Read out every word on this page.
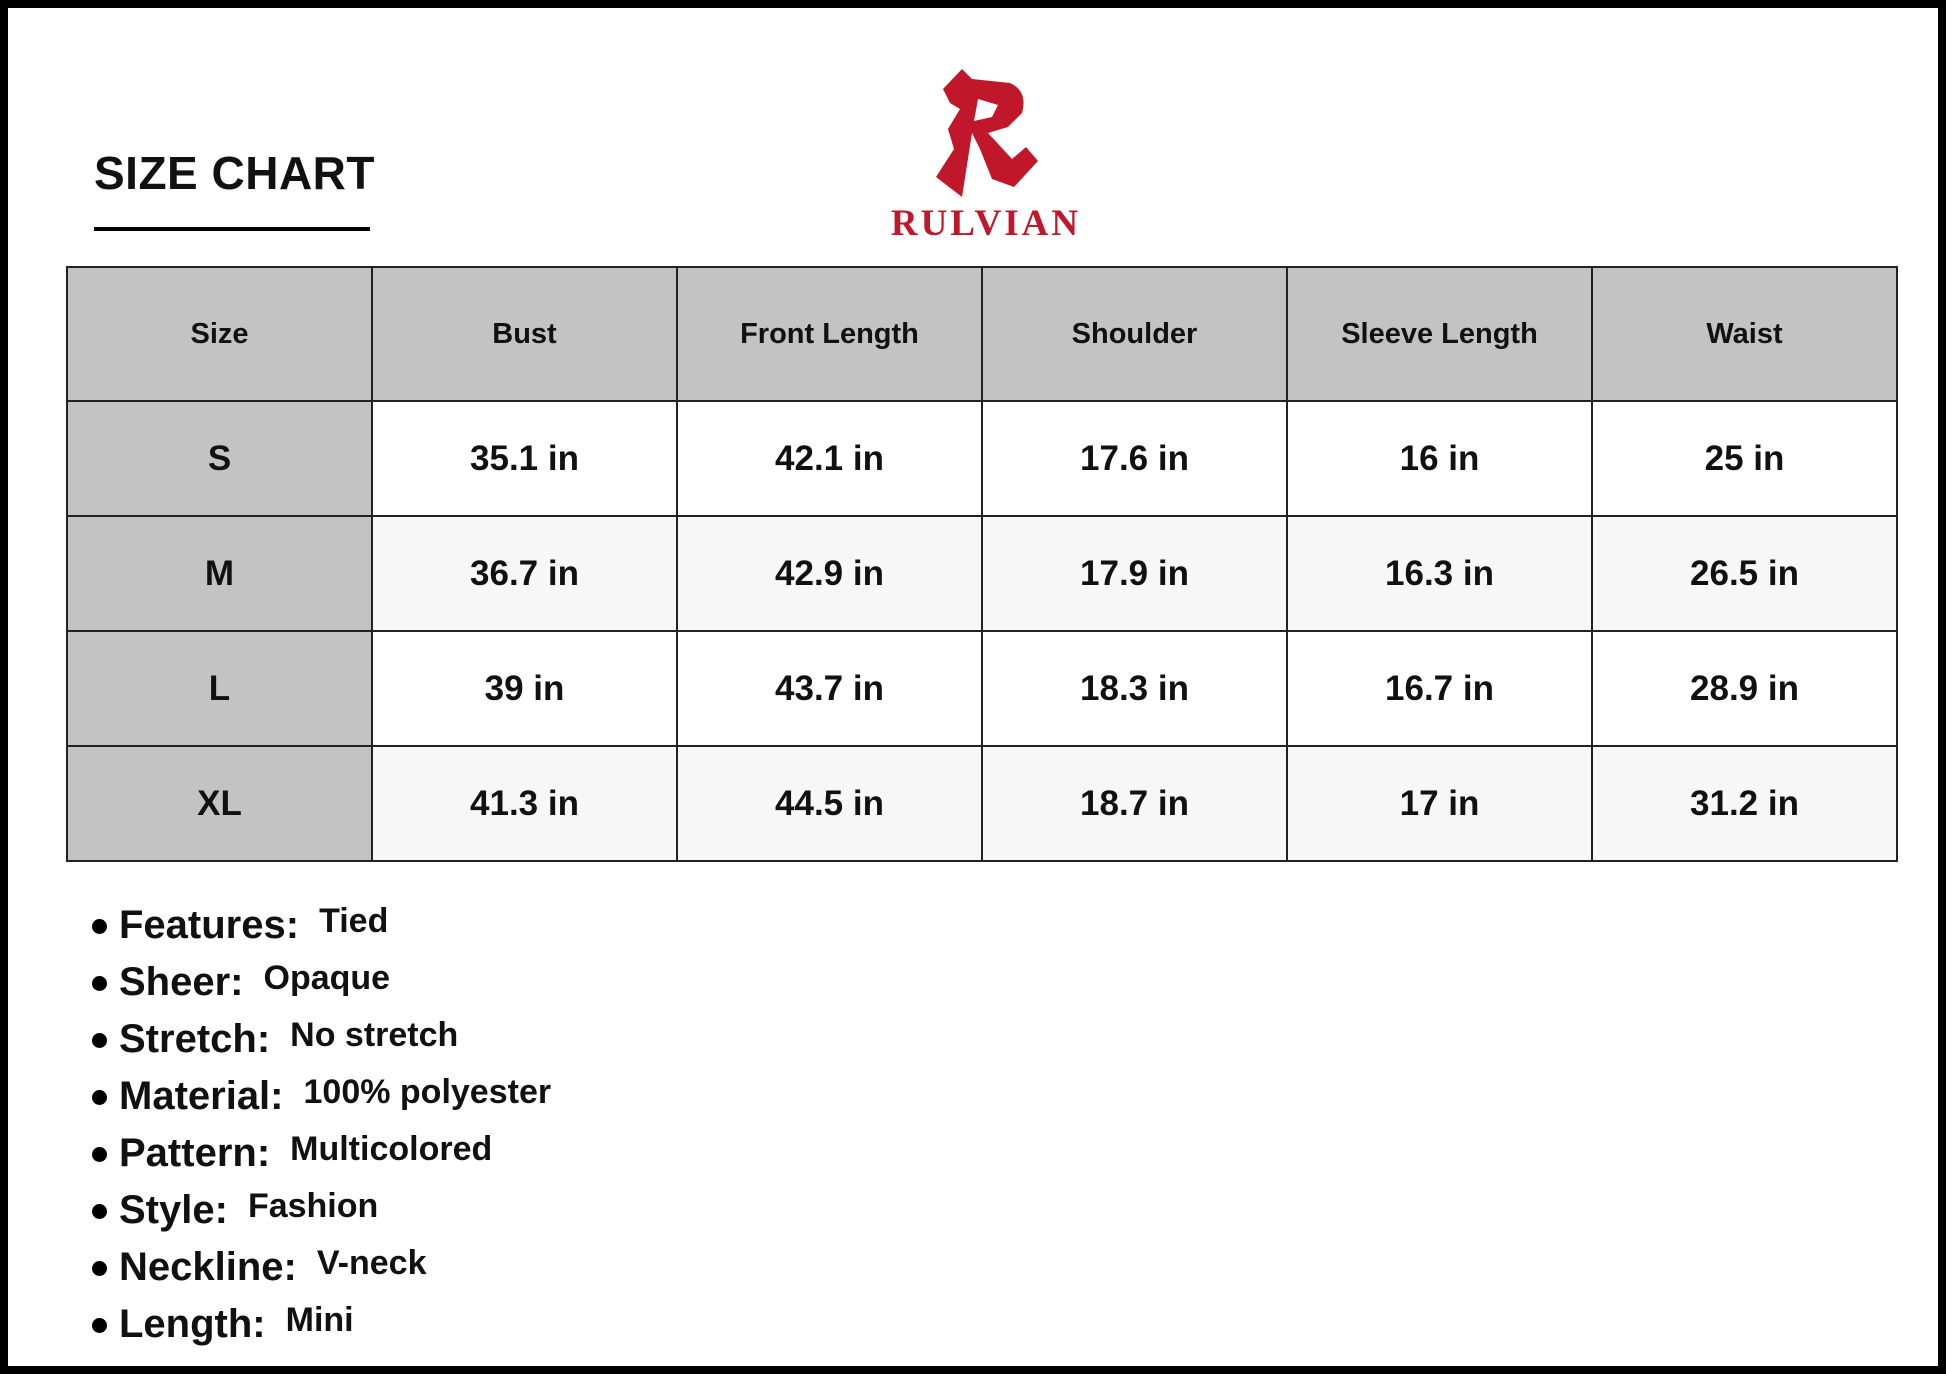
SIZE CHART
RULVIAN
Size	Bust	Front Length	Shoulder	Sleeve Length	Waist
S	35.1 in	42.1 in	17.6 in	16 in	25 in
M	36.7 in	42.9 in	17.9 in	16.3 in	26.5 in
L	39 in	43.7 in	18.3 in	16.7 in	28.9 in
XL	41.3 in	44.5 in	18.7 in	17 in	31.2 in
Features: Tied
Sheer: Opaque
Stretch: No stretch
Material: 100% polyester
Pattern: Multicolored
Style: Fashion
Neckline: V-neck
Length: Mini
